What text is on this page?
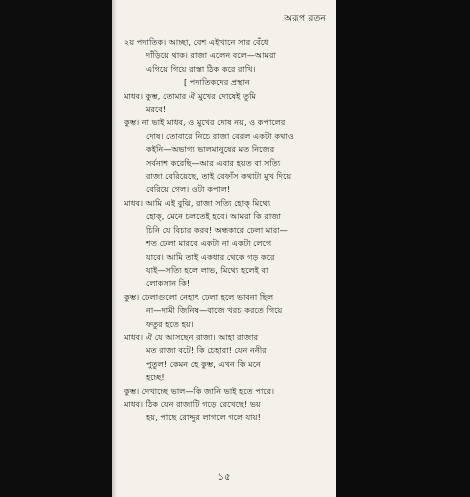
অরূপ রতন
২য় পদাতিক। আচ্ছা, বেশ এইখানে সার বেঁধে
দাঁড়িয়ে থাক। রাজা এলেন বলে—আমরা
এগিয়ে গিয়ে রাস্তা ঠিক করে রাখি।
[ পদাতিকদের প্রস্থান
মাধব। কুম্ভ, তোমার ঐ মুখের দোষেই তুমি
মরবে!
কুম্ভ। না ভাই মাধব, ও মুখের দোষ নয়, ও কপালের
দোষ। তোবারে নিচে রাজা বেরল একটা কথাও
কইনি—অভাগ্য ভালমানুষের মত নিজের
সর্বনাশ করেছি—আর এবার হয়ত বা সত্যি
রাজা বেরিয়েছে, তাই বেফাঁস কথাটা মুখ দিয়ে
বেরিয়ে গেল। ওটা কপাল!
মাধব। আমি এই বুঝি, রাজা সত্যি হোক্‌ মিথ্যে
হোক্‌, মেনে চলতেই হবে। আমরা কি রাজা
চিনি যে বিচার করব! অন্ধকারে ঢেলা মারা—
শত ঢেলা মারবে একটা না একটা লেগে
যাবে। আমি তাই একধার থেকে গড় করে
যাই—সত্যি হলে লাভ, মিথ্যে হলেই বা
লোকসান কি!
কুম্ভ। ঢেলাগুলো নেহাৎ ঢেলা হলে ভাবনা ছিল
না—দামী জিনিষ—বাজে খরচ করতে গিয়ে
ফতুর হতে হয়।
মাধব। ঐ যে আসছেন রাজা। আহা রাজার
মত রাজা বটে! কি চেহারা! যেন ননীর
পুতুল! কেমন হে কুম্ভ, এখন কি মনে
হচ্ছে!
কুম্ভ। দেখাচ্ছে ভাল—কি জানি ভাই হতে পারে।
মাধব। ঠিক যেন রাজাটি গড়ে রেখেছে! ভয়
হয়, পাছে রোদ্দুর লাগলে গলে যায়!
১৫
